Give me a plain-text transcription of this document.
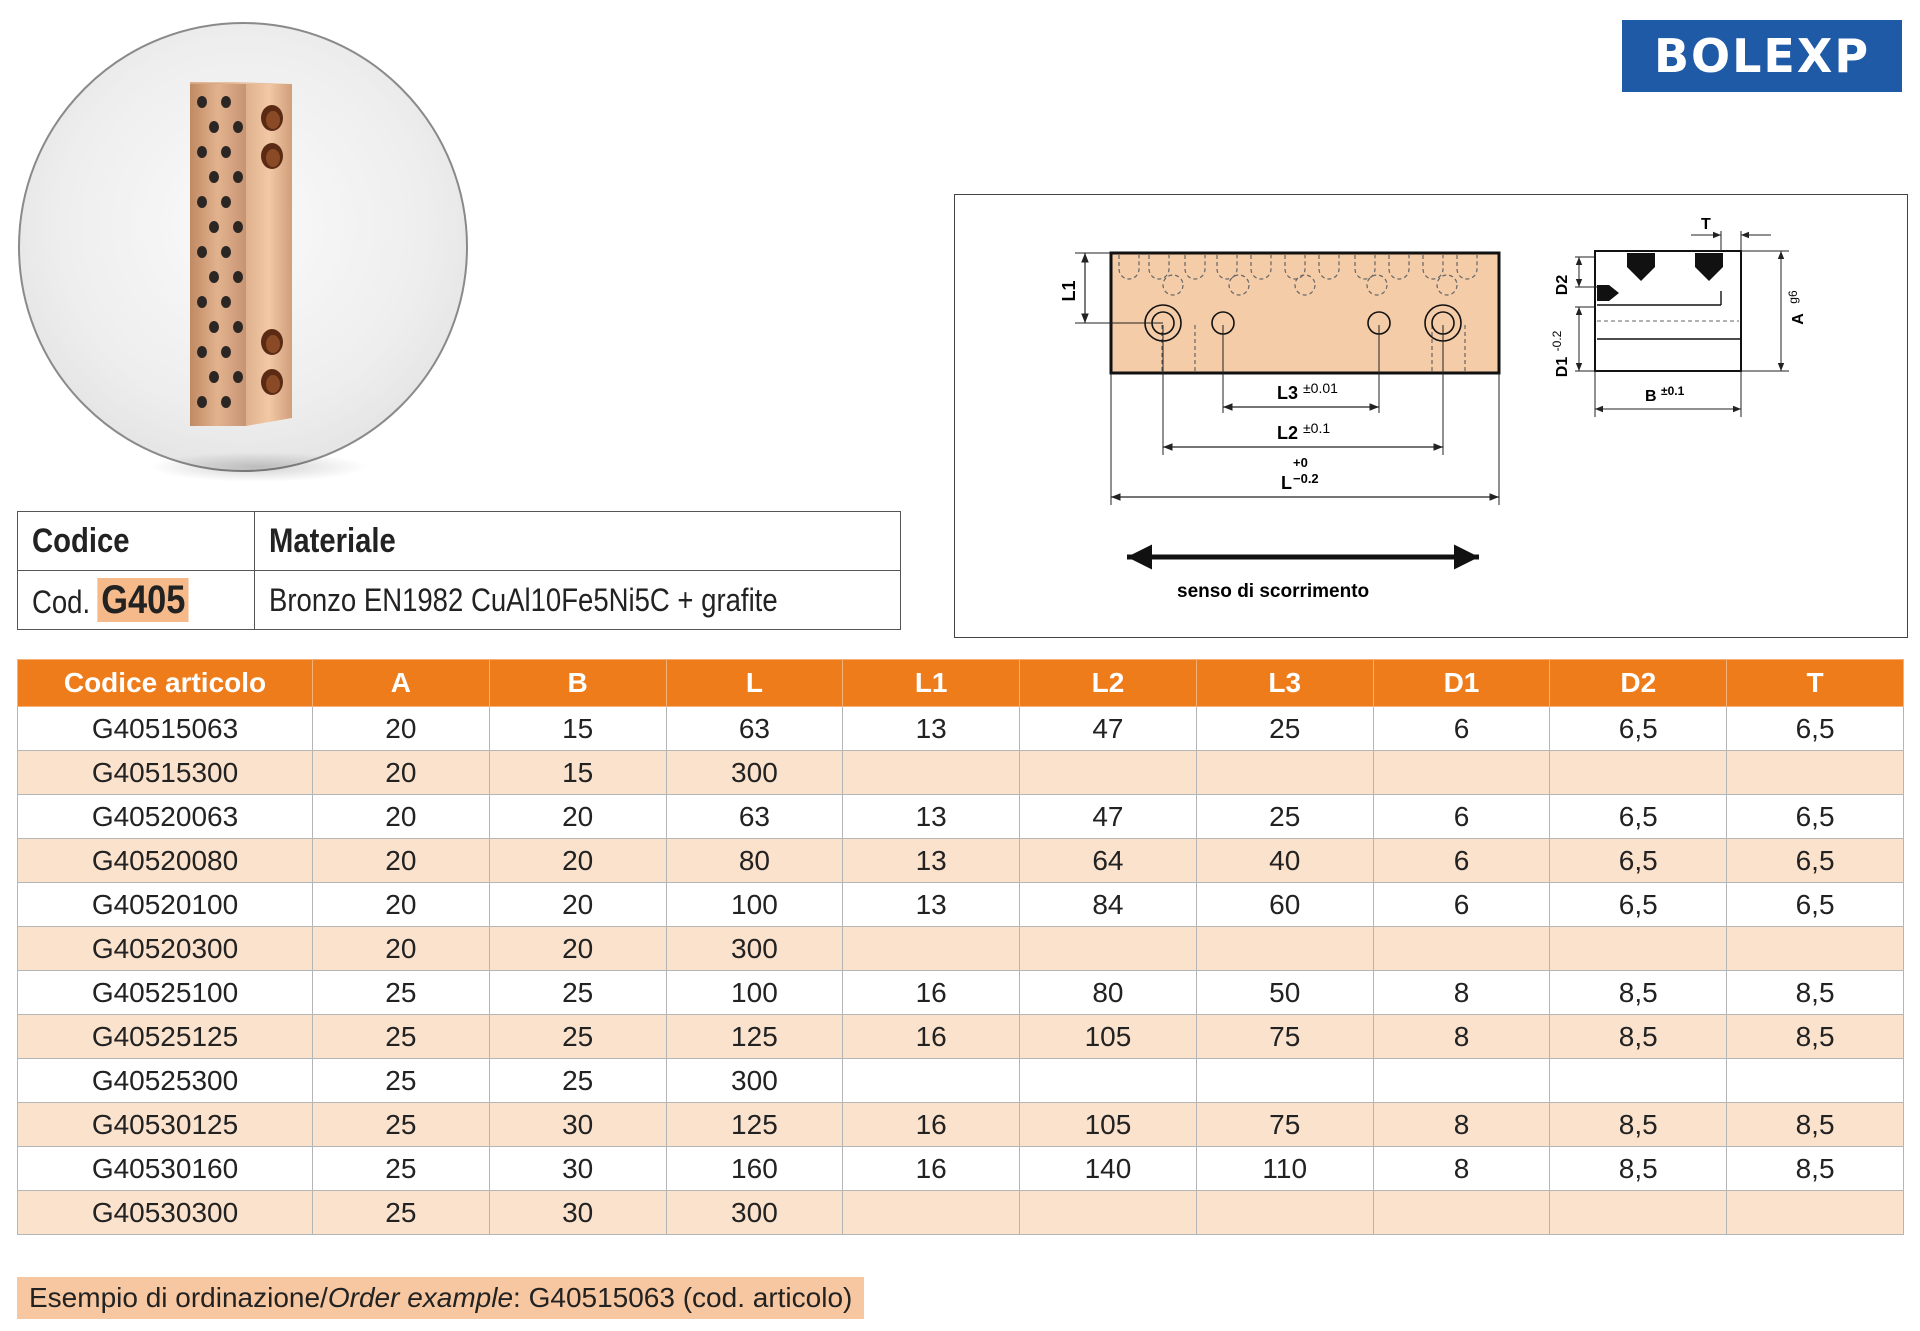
BOLEXP
L1
L3 ±0.01
L2 ±0.1
L
+0
−0.2
T
D2
D1
-0.2
A
g6
B ±0.1
senso di scorrimento
Codice	Materiale
Cod. G405	Bronzo EN1982 CuAl10Fe5Ni5C + grafite
Codice articolo	A	B	L	L1	L2	L3	D1	D2	T
G40515063	20	15	63	13	47	25	6	6,5	6,5
G40515300	20	15	300						
G40520063	20	20	63	13	47	25	6	6,5	6,5
G40520080	20	20	80	13	64	40	6	6,5	6,5
G40520100	20	20	100	13	84	60	6	6,5	6,5
G40520300	20	20	300						
G40525100	25	25	100	16	80	50	8	8,5	8,5
G40525125	25	25	125	16	105	75	8	8,5	8,5
G40525300	25	25	300						
G40530125	25	30	125	16	105	75	8	8,5	8,5
G40530160	25	30	160	16	140	110	8	8,5	8,5
G40530300	25	30	300						
Esempio di ordinazione/Order example: G40515063 (cod. articolo)
